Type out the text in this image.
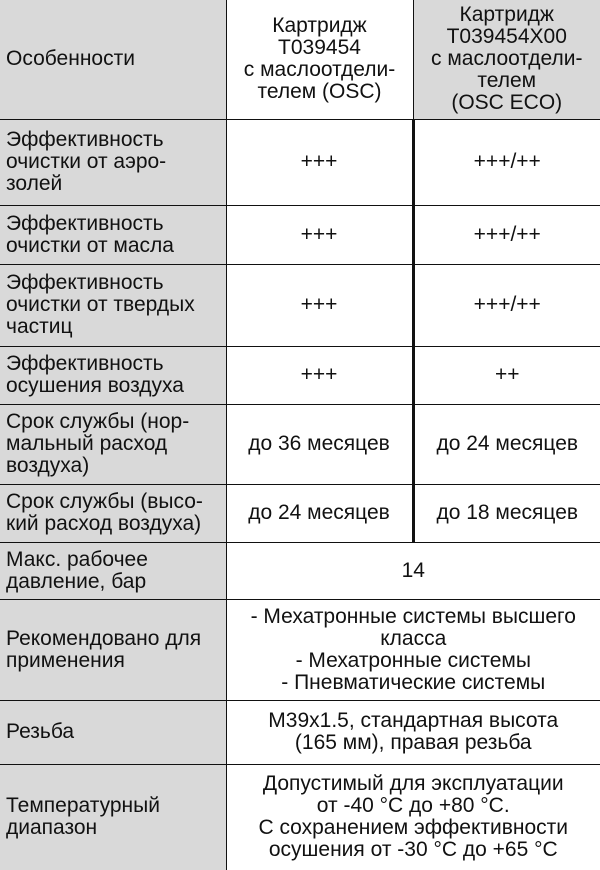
Особенности	Картридж
T039454
с маслоотдели-
телем (OSC)	Картридж
T039454X00
с маслоотдели-
телем
(OSC ECO)
Эффективность
очистки от аэро-
золей	+++	+++/++
Эффективность
очистки от масла	+++	+++/++
Эффективность
очистки от твердых
частиц	+++	+++/++
Эффективность
осушения воздуха	+++	++
Срок службы (нор-
мальный расход
воздуха)	до 36 месяцев	до 24 месяцев
Срок службы (высо-
кий расход воздуха)	до 24 месяцев	до 18 месяцев
Макс. рабочее
давление, бар	14	
Рекомендовано для
применения	- Мехатронные системы высшего
класса
- Мехатронные системы
- Пневматические системы	
Резьба	M39x1.5, стандартная высота
(165 мм), правая резьба	
Температурный
диапазон	Допустимый для эксплуатации
от -40 °С до +80 °С.
С сохранением эффективности
осушения от -30 °С до +65 °С	
